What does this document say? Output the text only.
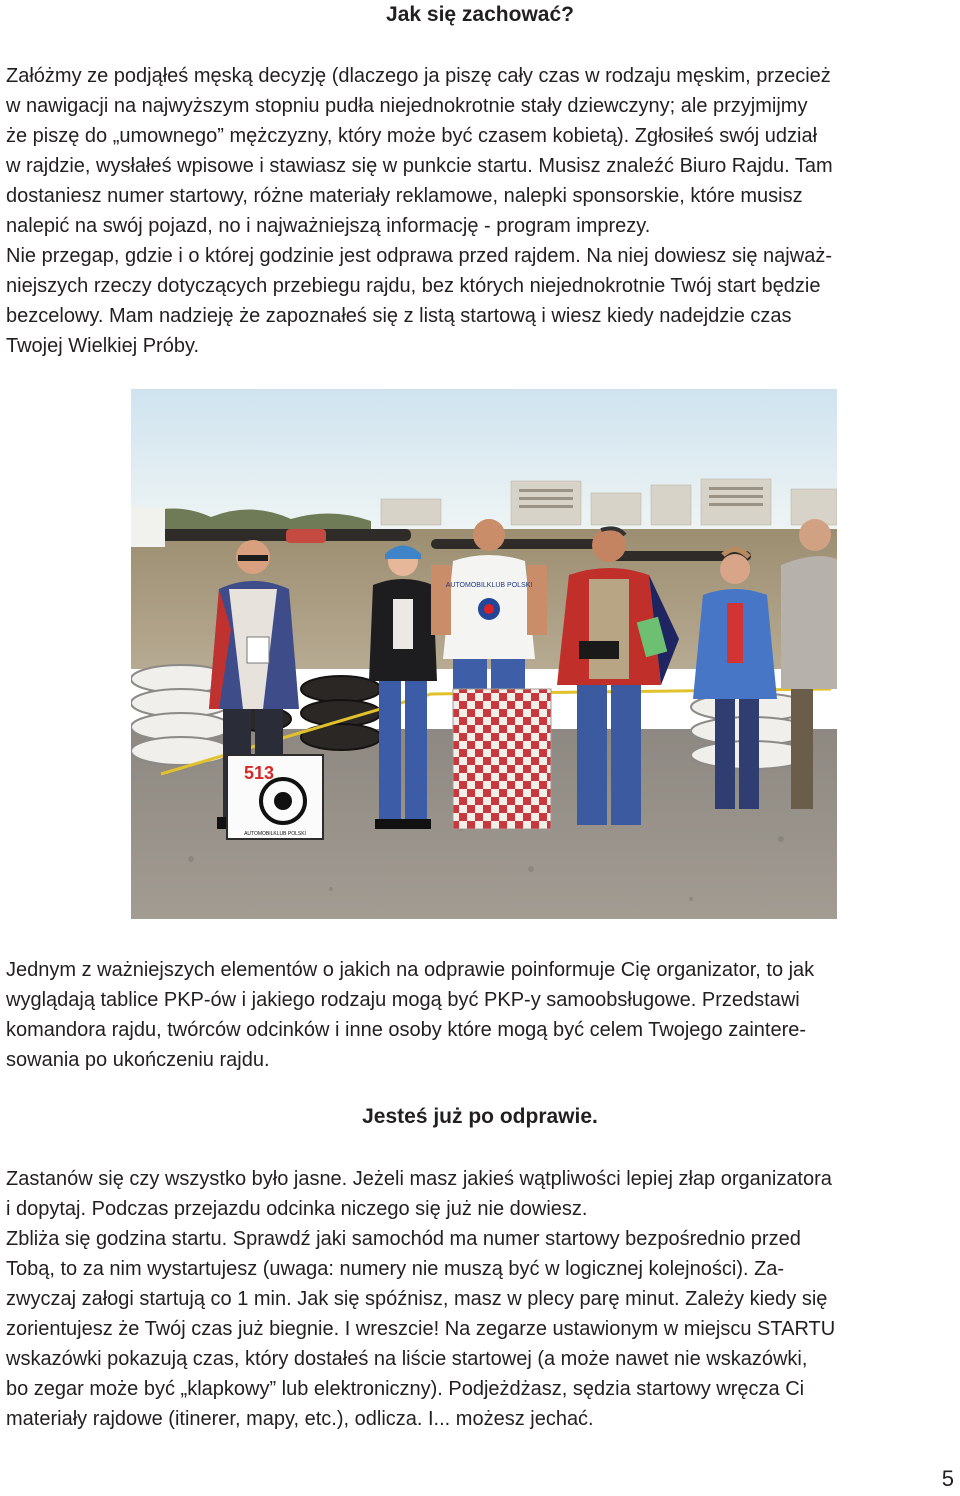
Jak się zachować?

Załóżmy ze podjąłeś męską decyzję (dlaczego ja piszę cały czas w rodzaju męskim, przecież
w nawigacji na najwyższym stopniu pudła niejednokrotnie stały dziewczyny; ale przyjmijmy
że piszę do „umownego” mężczyzny, który może być czasem kobietą). Zgłosiłeś swój udział
w rajdzie, wysłałeś wpisowe i stawiasz się w punkcie startu. Musisz znaleźć Biuro Rajdu. Tam
dostaniesz numer startowy, różne materiały reklamowe, nalepki sponsorskie, które musisz
nalepić na swój pojazd, no i najważniejszą informację - program imprezy.
Nie przegap, gdzie i o której godzinie jest odprawa przed rajdem. Na niej dowiesz się najważ-
niejszych rzeczy dotyczących przebiegu rajdu, bez których niejednokrotnie Twój start będzie
bezcelowy. Mam nadzieję że zapoznałeś się z listą startową i wiesz kiedy nadejdzie czas
Twojej Wielkiej Próby.

AUTOMOBILKLUB POLSKI
513
AUTOMOBILKLUB POLSKI

Jednym z ważniejszych elementów o jakich na odprawie poinformuje Cię organizator, to jak
wyglądają tablice PKP-ów i jakiego rodzaju mogą być PKP-y samoobsługowe. Przedstawi
komandora rajdu, twórców odcinków i inne osoby które mogą być celem Twojego zaintere-
sowania po ukończeniu rajdu.

Jesteś już po odprawie.

Zastanów się czy wszystko było jasne. Jeżeli masz jakieś wątpliwości lepiej złap organizatora
i dopytaj. Podczas przejazdu odcinka niczego się już nie dowiesz.
Zbliża się godzina startu. Sprawdź jaki samochód ma numer startowy bezpośrednio przed
Tobą, to za nim wystartujesz (uwaga: numery nie muszą być w logicznej kolejności). Za-
zwyczaj załogi startują co 1 min. Jak się spóźnisz, masz w plecy parę minut. Zależy kiedy się
zorientujesz że Twój czas już biegnie. I wreszcie! Na zegarze ustawionym w miejscu STARTU
wskazówki pokazują czas, który dostałeś na liście startowej (a może nawet nie wskazówki,
bo zegar może być „klapkowy” lub elektroniczny). Podjeżdżasz, sędzia startowy wręcza Ci
materiały rajdowe (itinerer, mapy, etc.), odlicza. I... możesz jechać.

5
